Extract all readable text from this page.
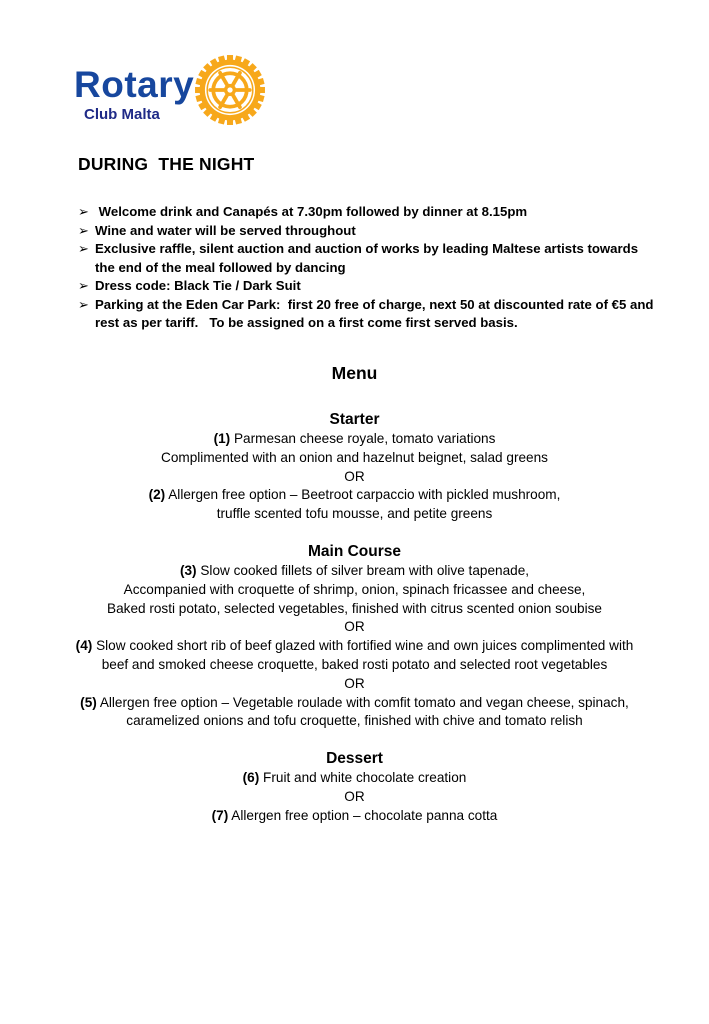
Rotary
Club Malta
DURING  THE NIGHT
➢ Welcome drink and Canapés at 7.30pm followed by dinner at 8.15pm
➢ Wine and water will be served throughout
➢ Exclusive raffle, silent auction and auction of works by leading Maltese artists towards
the end of the meal followed by dancing
➢ Dress code: Black Tie / Dark Suit
➢ Parking at the Eden Car Park:  first 20 free of charge, next 50 at discounted rate of €5 and
rest as per tariff.   To be assigned on a first come first served basis.
Menu
Starter
(1) Parmesan cheese royale, tomato variations
Complimented with an onion and hazelnut beignet, salad greens
OR
(2) Allergen free option – Beetroot carpaccio with pickled mushroom,
truffle scented tofu mousse, and petite greens
Main Course
(3) Slow cooked fillets of silver bream with olive tapenade,
Accompanied with croquette of shrimp, onion, spinach fricassee and cheese,
Baked rosti potato, selected vegetables, finished with citrus scented onion soubise
OR
(4) Slow cooked short rib of beef glazed with fortified wine and own juices complimented with
beef and smoked cheese croquette, baked rosti potato and selected root vegetables
OR
(5) Allergen free option – Vegetable roulade with comfit tomato and vegan cheese, spinach,
caramelized onions and tofu croquette, finished with chive and tomato relish
Dessert
(6) Fruit and white chocolate creation
OR
(7) Allergen free option – chocolate panna cotta
